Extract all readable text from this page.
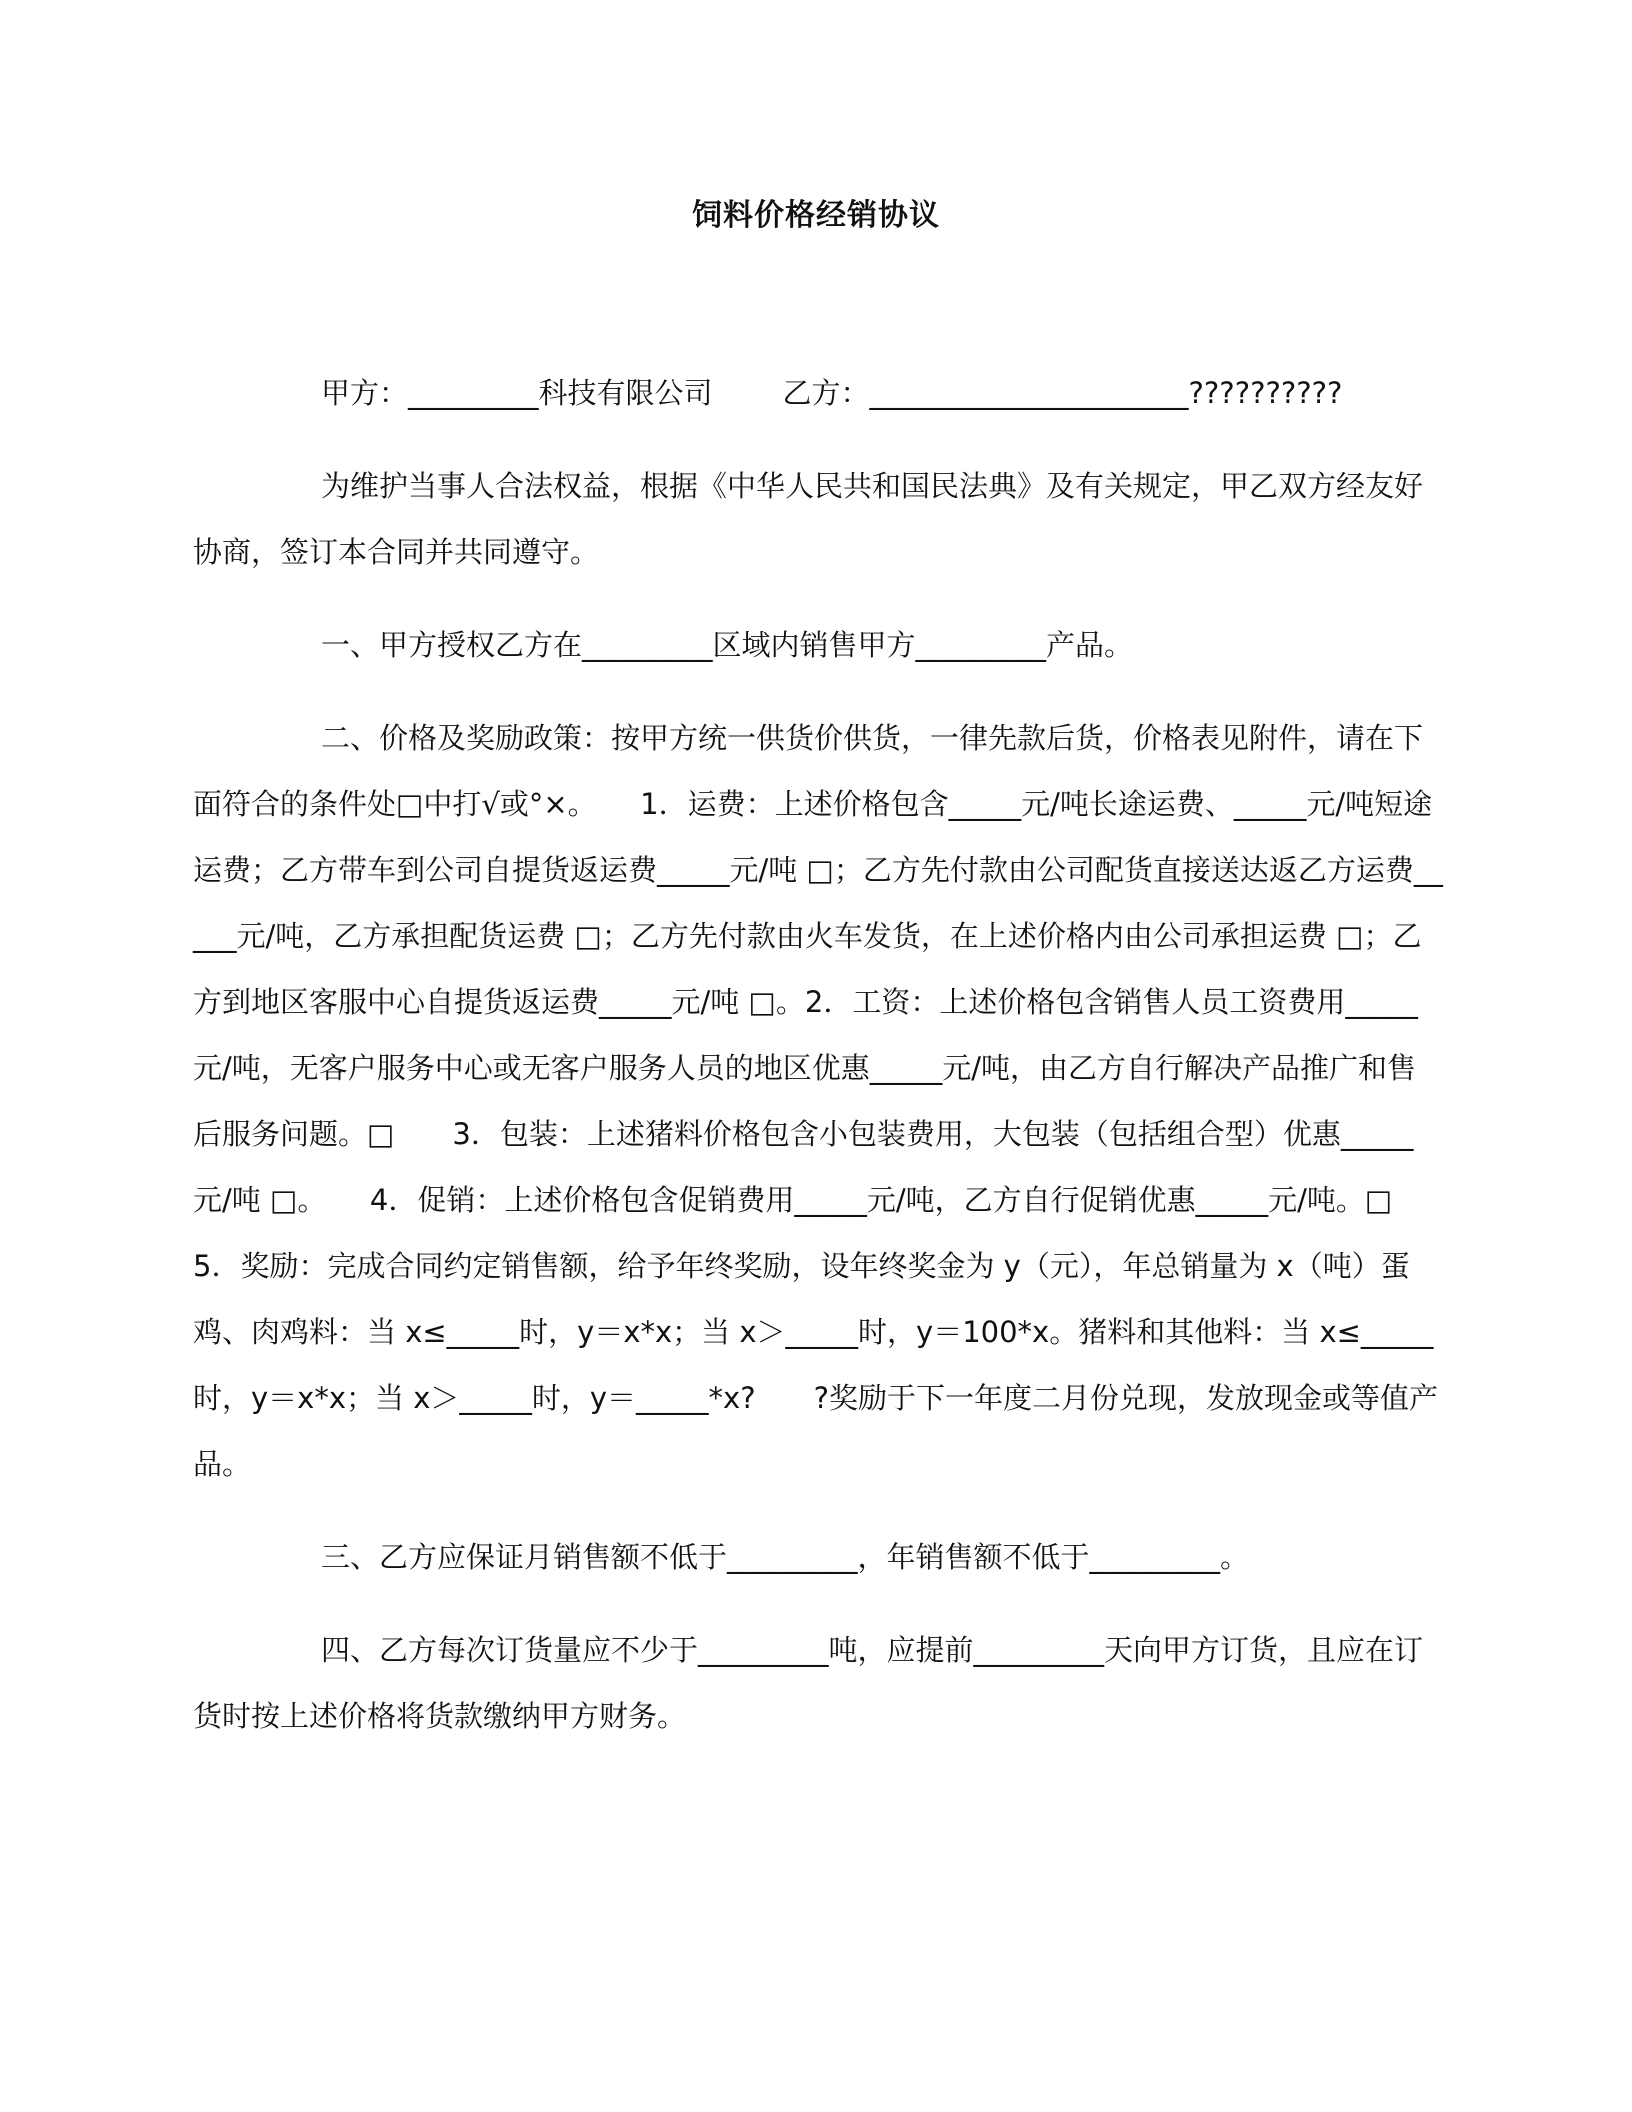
饲料价格经销协议

甲方：_________科技有限公司 乙方：______________________??????????

为维护当事人合法权益，根据《中华人民共和国民法典》及有关规定，甲乙双方经友好协商，签订本合同并共同遵守。

一、甲方授权乙方在_________区域内销售甲方_________产品。

二、价格及奖励政策：按甲方统一供货价供货，一律先款后货，价格表见附件，请在下面符合的条件处□中打√或°×。　　1．运费：上述价格包含_____元/吨长途运费、_____元/吨短途运费；乙方带车到公司自提货返运费_____元/吨 □；乙方先付款由公司配货直接送达返乙方运费_____元/吨，乙方承担配货运费 □；乙方先付款由火车发货，在上述价格内由公司承担运费 □；乙方到地区客服中心自提货返运费_____元/吨 □。2．工资：上述价格包含销售人员工资费用_____元/吨，无客户服务中心或无客户服务人员的地区优惠_____元/吨，由乙方自行解决产品推广和售后服务问题。□　　3．包装：上述猪料价格包含小包装费用，大包装（包括组合型）优惠_____元/吨 □。　　4．促销：上述价格包含促销费用_____元/吨，乙方自行促销优惠_____元/吨。□　　5．奖励：完成合同约定销售额，给予年终奖励，设年终奖金为 y（元），年总销量为 x（吨）蛋鸡、肉鸡料：当 x≤_____时，y＝x*x；当 x＞_____时，y＝100*x。猪料和其他料：当 x≤_____时，y＝x*x；当 x＞_____时，y＝_____*x?　　?奖励于下一年度二月份兑现，发放现金或等值产品。

三、乙方应保证月销售额不低于_________，年销售额不低于_________。

四、乙方每次订货量应不少于_________吨，应提前_________天向甲方订货，且应在订货时按上述价格将货款缴纳甲方财务。
